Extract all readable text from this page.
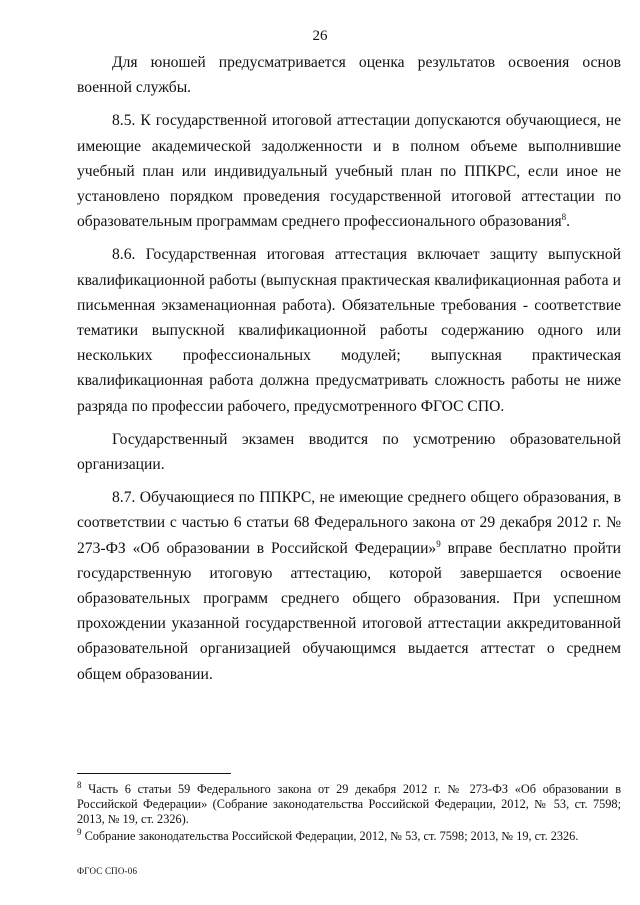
26

Для юношей предусматривается оценка результатов освоения основ военной службы.

8.5. К государственной итоговой аттестации допускаются обучающиеся, не имеющие академической задолженности и в полном объеме выполнившие учебный план или индивидуальный учебный план по ППКРС, если иное не установлено порядком проведения государственной итоговой аттестации по образовательным программам среднего профессионального образования$^8$.

8.6. Государственная итоговая аттестация включает защиту выпускной квалификационной работы (выпускная практическая квалификационная работа и письменная экзаменационная работа). Обязательные требования - соответствие тематики выпускной квалификационной работы содержанию одного или нескольких профессиональных модулей; выпускная практическая квалификационная работа должна предусматривать сложность работы не ниже разряда по профессии рабочего, предусмотренного ФГОС СПО.

Государственный экзамен вводится по усмотрению образовательной организации.

8.7. Обучающиеся по ППКРС, не имеющие среднего общего образования, в соответствии с частью 6 статьи 68 Федерального закона от 29 декабря 2012 г. № 273-ФЗ «Об образовании в Российской Федерации»$^9$ вправе бесплатно пройти государственную итоговую аттестацию, которой завершается освоение образовательных программ среднего общего образования. При успешном прохождении указанной государственной итоговой аттестации аккредитованной образовательной организацией обучающимся выдается аттестат о среднем общем образовании.

$^8$ Часть 6 статьи 59 Федерального закона от 29 декабря 2012 г. № 273-ФЗ «Об образовании в Российской Федерации» (Собрание законодательства Российской Федерации, 2012, № 53, ст. 7598; 2013, № 19, ст. 2326).

$^9$ Собрание законодательства Российской Федерации, 2012, № 53, ст. 7598; 2013, № 19, ст. 2326.

ФГОС СПО-06
